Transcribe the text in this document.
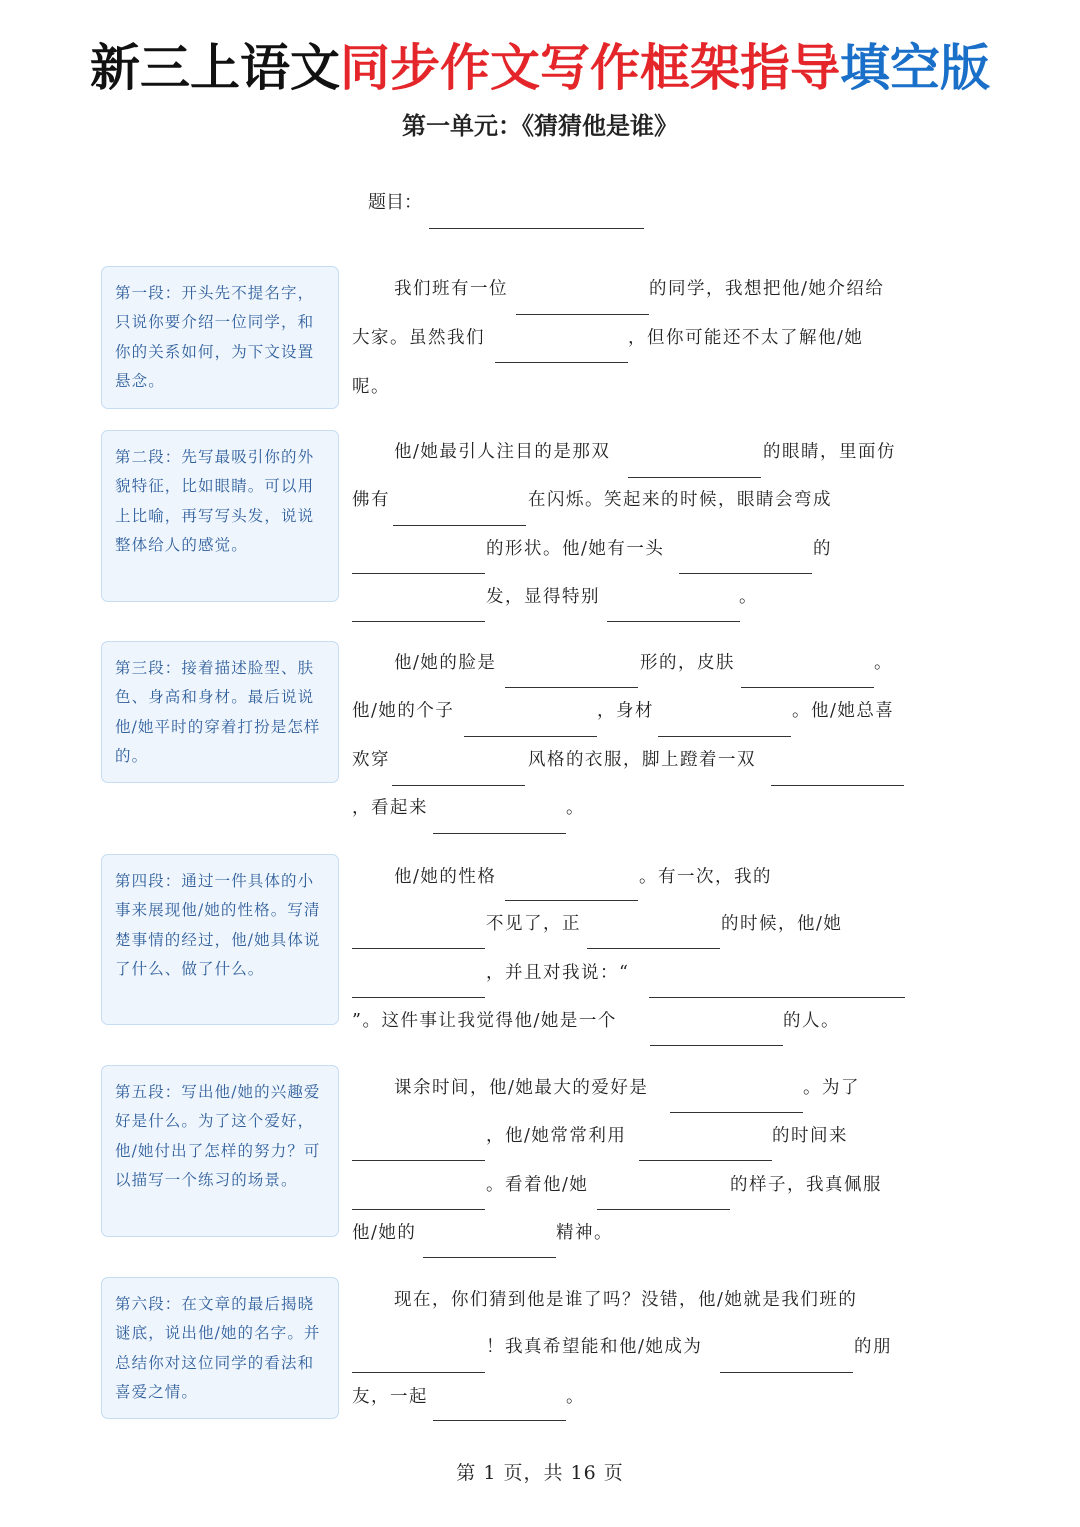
新三上语文同步作文写作框架指导填空版
第一单元：《猜猜他是谁》
题目：
第一段：开头先不提名字，只说你要介绍一位同学，和你的关系如何，为下文设置悬念。
我们班有一位	的同学，我想把他/她介绍给
大家。虽然我们	，但你可能还不太了解他/她
呢。
第二段：先写最吸引你的外貌特征，比如眼睛。可以用上比喻，再写写头发，说说整体给人的感觉。
他/她最引人注目的是那双	的眼睛，里面仿
佛有	在闪烁。笑起来的时候，眼睛会弯成
的形状。他/她有一头	的
发，显得特别	。
第三段：接着描述脸型、肤色、身高和身材。最后说说他/她平时的穿着打扮是怎样的。
他/她的脸是	形的，皮肤	。
他/她的个子	，身材	。他/她总喜
欢穿	风格的衣服，脚上蹬着一双
，看起来	。
第四段：通过一件具体的小事来展现他/她的性格。写清楚事情的经过，他/她具体说了什么、做了什么。
他/她的性格	。有一次，我的
不见了，正	的时候，他/她
，并且对我说：“
”。这件事让我觉得他/她是一个	的人。
第五段：写出他/她的兴趣爱好是什么。为了这个爱好，他/她付出了怎样的努力？可以描写一个练习的场景。
课余时间，他/她最大的爱好是	。为了
，他/她常常利用	的时间来
。看着他/她	的样子，我真佩服
他/她的	精神。
第六段：在文章的最后揭晓谜底，说出他/她的名字。并总结你对这位同学的看法和喜爱之情。
现在，你们猜到他是谁了吗？没错，他/她就是我们班的
！我真希望能和他/她成为	的朋
友，一起	。
第 1 页，共 16 页
